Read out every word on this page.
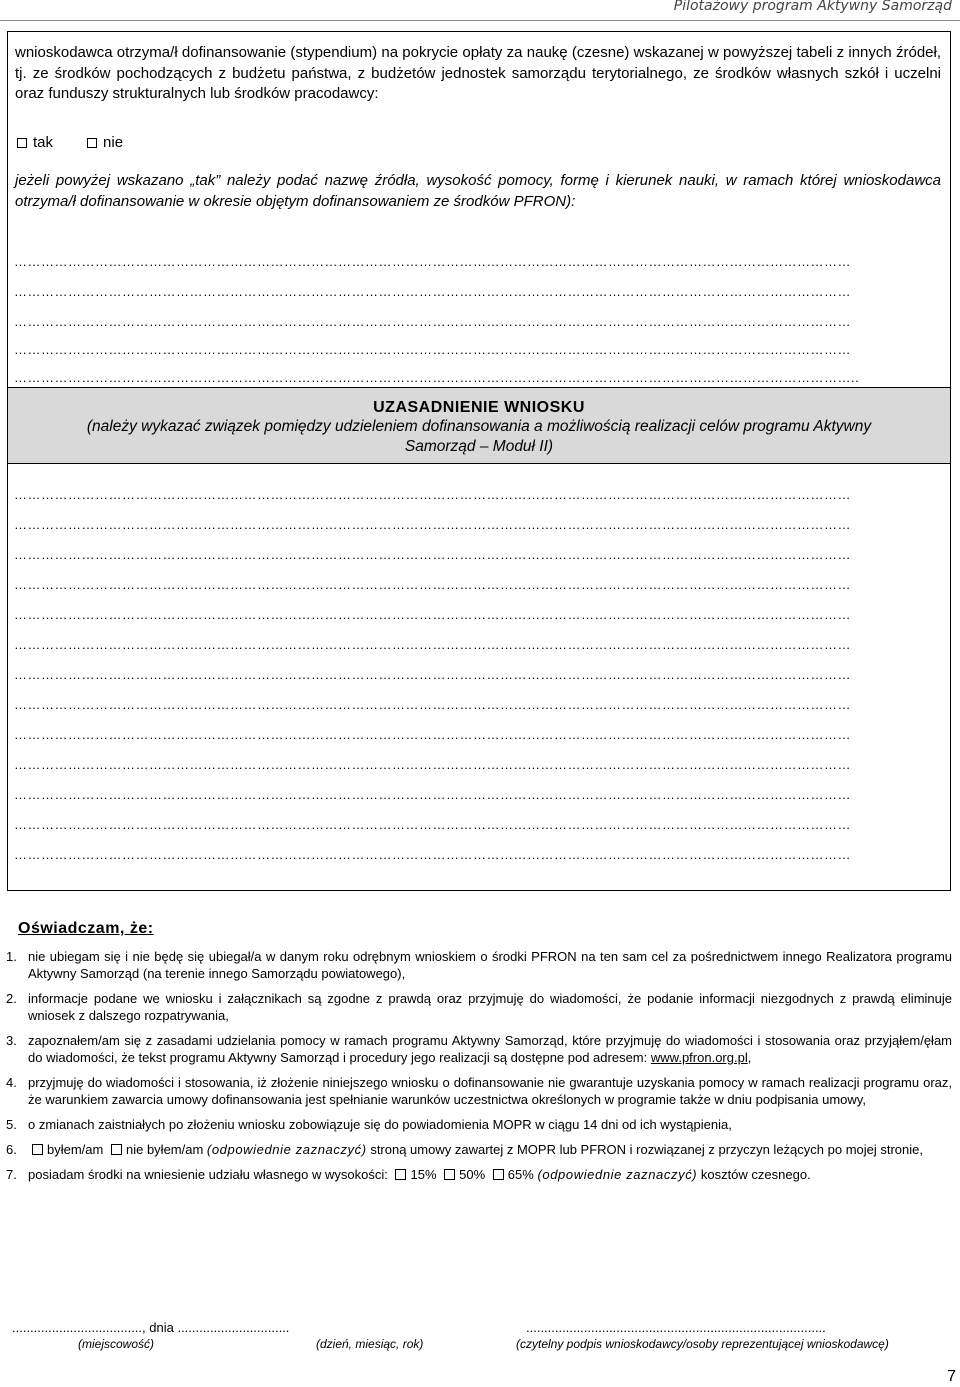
Pilotażowy program Aktywny Samorząd
wnioskodawca otrzyma/ł dofinansowanie (stypendium) na pokrycie opłaty za naukę (czesne) wskazanej w powyższej tabeli z innych źródeł, tj. ze środków pochodzących z budżetu państwa, z budżetów jednostek samorządu terytorialnego, ze środków własnych szkół i uczelni oraz funduszy strukturalnych lub środków pracodawcy:
tak	nie
jeżeli powyżej wskazano „tak” należy podać nazwę źródła, wysokość pomocy, formę i kierunek nauki, w ramach której wnioskodawca otrzyma/ł dofinansowanie w okresie objętym dofinansowaniem ze środków PFRON):
……………………………………………………………………………………………………………………………………………………………………
……………………………………………………………………………………………………………………………………………………………………
……………………………………………………………………………………………………………………………………………………………………
……………………………………………………………………………………………………………………………………………………………………
……………………………………………………………………………………………………………………………………………………………………..
UZASADNIENIE WNIOSKU
(należy wykazać związek pomiędzy udzieleniem dofinansowania a możliwością realizacji celów programu Aktywny Samorząd – Moduł II)
……………………………………………………………………………………………………………………………………………………………………
……………………………………………………………………………………………………………………………………………………………………
……………………………………………………………………………………………………………………………………………………………………
……………………………………………………………………………………………………………………………………………………………………
……………………………………………………………………………………………………………………………………………………………………
……………………………………………………………………………………………………………………………………………………………………
……………………………………………………………………………………………………………………………………………………………………
……………………………………………………………………………………………………………………………………………………………………
……………………………………………………………………………………………………………………………………………………………………
……………………………………………………………………………………………………………………………………………………………………
……………………………………………………………………………………………………………………………………………………………………
……………………………………………………………………………………………………………………………………………………………………
……………………………………………………………………………………………………………………………………………………………………
Oświadczam, że:
1. nie ubiegam się i nie będę się ubiegał/a w danym roku odrębnym wnioskiem o środki PFRON na ten sam cel za pośrednictwem innego Realizatora programu Aktywny Samorząd (na terenie innego Samorządu powiatowego),
2. informacje podane we wniosku i załącznikach są zgodne z prawdą oraz przyjmuję do wiadomości, że podanie informacji niezgodnych z prawdą eliminuje wniosek z dalszego rozpatrywania,
3. zapoznałem/am się z zasadami udzielania pomocy w ramach programu Aktywny Samorząd, które przyjmuję do wiadomości i stosowania oraz przyjąłem/ęłam do wiadomości, że tekst programu Aktywny Samorząd i procedury jego realizacji są dostępne pod adresem: www.pfron.org.pl,
4. przyjmuję do wiadomości i stosowania, iż złożenie niniejszego wniosku o dofinansowanie nie gwarantuje uzyskania pomocy w ramach realizacji programu oraz, że warunkiem zawarcia umowy dofinansowania jest spełnianie warunków uczestnictwa określonych w programie także w dniu podpisania umowy,
5. o zmianach zaistniałych po złożeniu wniosku zobowiązuje się do powiadomienia MOPR w ciągu 14 dni od ich wystąpienia,
6. byłem/am nie byłem/am (odpowiednie zaznaczyć) stroną umowy zawartej z MOPR lub PFRON i rozwiązanej z przyczyn leżących po mojej stronie,
7. posiadam środki na wniesienie udziału własnego w wysokości: 15% 50% 65% (odpowiednie zaznaczyć) kosztów czesnego.
...................................., dnia ...............................	...................................................................................
(miejscowość)	(dzień, miesiąc, rok)	(czytelny podpis wnioskodawcy/osoby reprezentującej wnioskodawcę)
7
